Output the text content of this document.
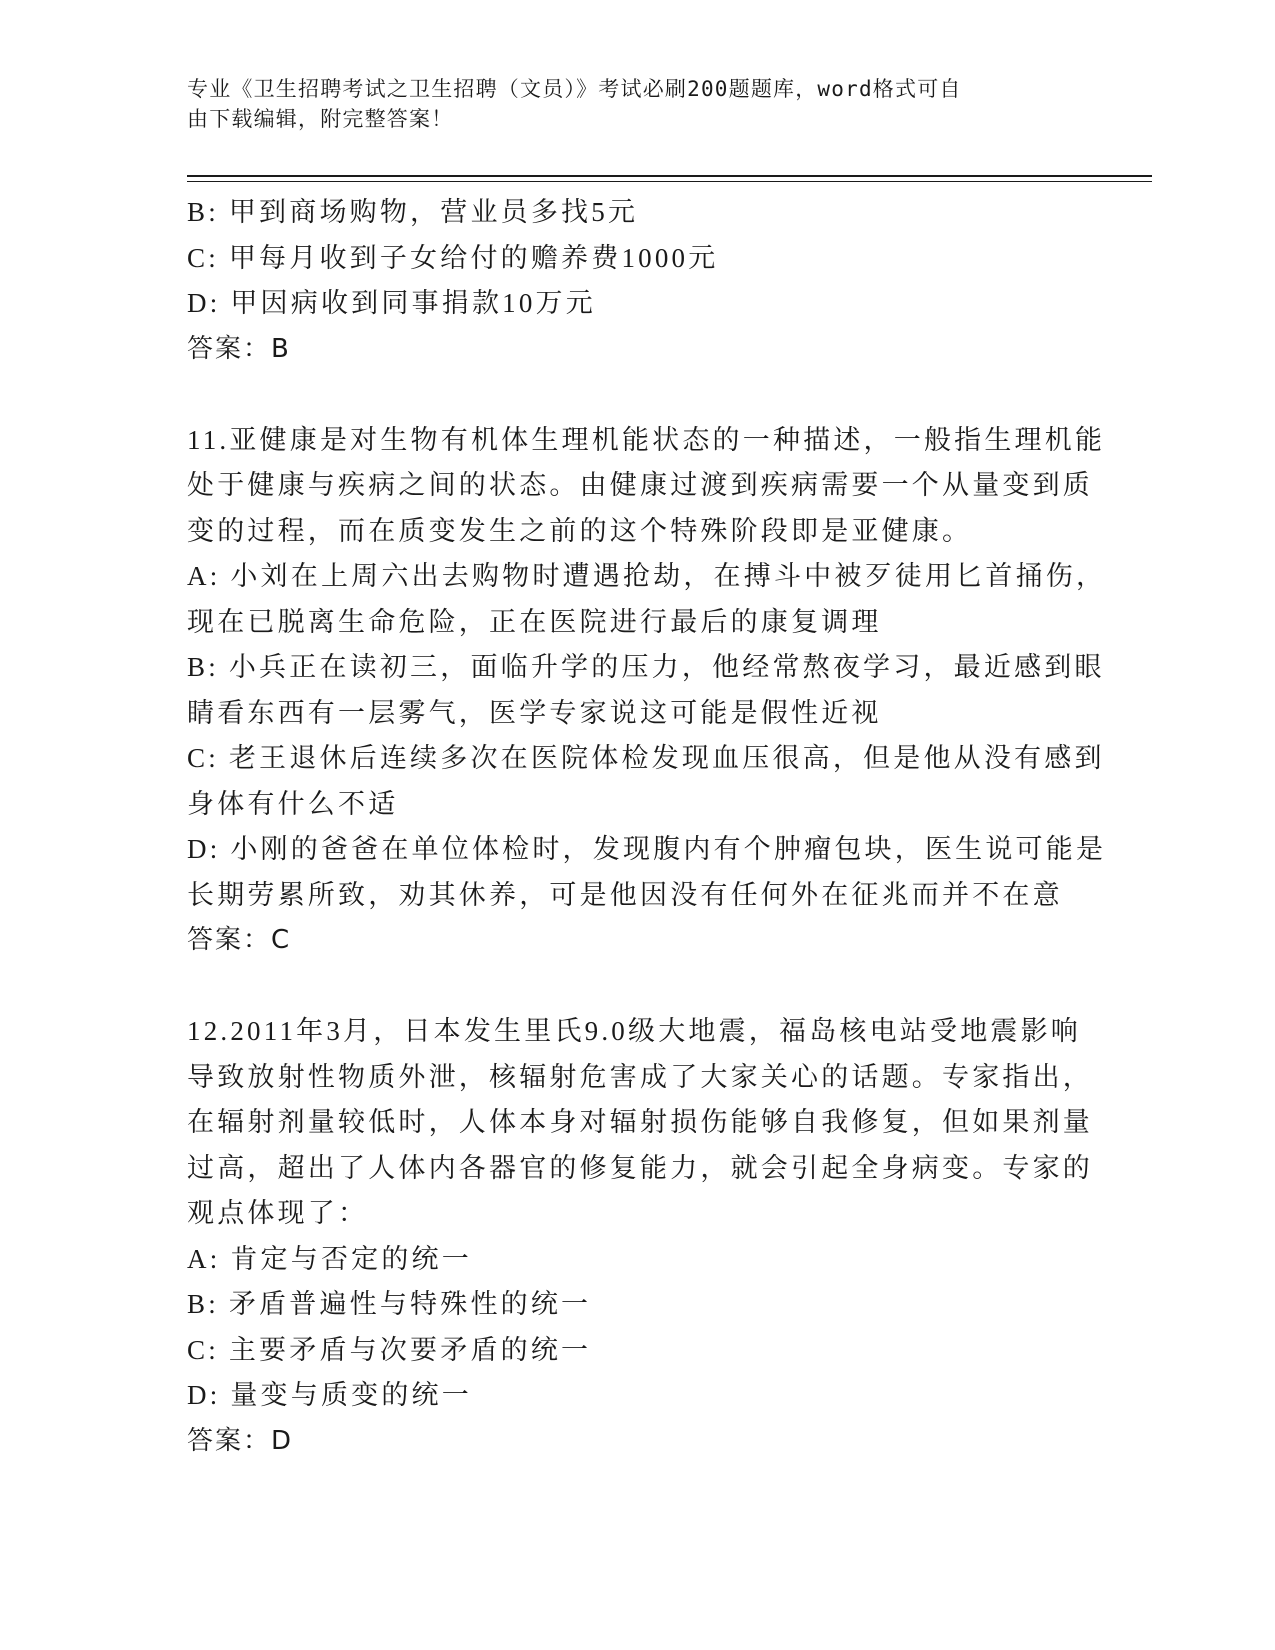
专业《卫生招聘考试之卫生招聘（文员）》考试必刷200题题库，word格式可自
由下载编辑，附完整答案！
B: 甲到商场购物，营业员多找5元
C: 甲每月收到子女给付的赡养费1000元
D: 甲因病收到同事捐款10万元
答案：B
11.亚健康是对生物有机体生理机能状态的一种描述，一般指生理机能
处于健康与疾病之间的状态。由健康过渡到疾病需要一个从量变到质
变的过程，而在质变发生之前的这个特殊阶段即是亚健康。
A: 小刘在上周六出去购物时遭遇抢劫，在搏斗中被歹徒用匕首捅伤，
现在已脱离生命危险，正在医院进行最后的康复调理
B: 小兵正在读初三，面临升学的压力，他经常熬夜学习，最近感到眼
睛看东西有一层雾气，医学专家说这可能是假性近视
C: 老王退休后连续多次在医院体检发现血压很高，但是他从没有感到
身体有什么不适
D: 小刚的爸爸在单位体检时，发现腹内有个肿瘤包块，医生说可能是
长期劳累所致，劝其休养，可是他因没有任何外在征兆而并不在意
答案：C
12.2011年3月，日本发生里氏9.0级大地震，福岛核电站受地震影响
导致放射性物质外泄，核辐射危害成了大家关心的话题。专家指出，
在辐射剂量较低时，人体本身对辐射损伤能够自我修复，但如果剂量
过高，超出了人体内各器官的修复能力，就会引起全身病变。专家的
观点体现了：
A: 肯定与否定的统一
B: 矛盾普遍性与特殊性的统一
C: 主要矛盾与次要矛盾的统一
D: 量变与质变的统一
答案：D
